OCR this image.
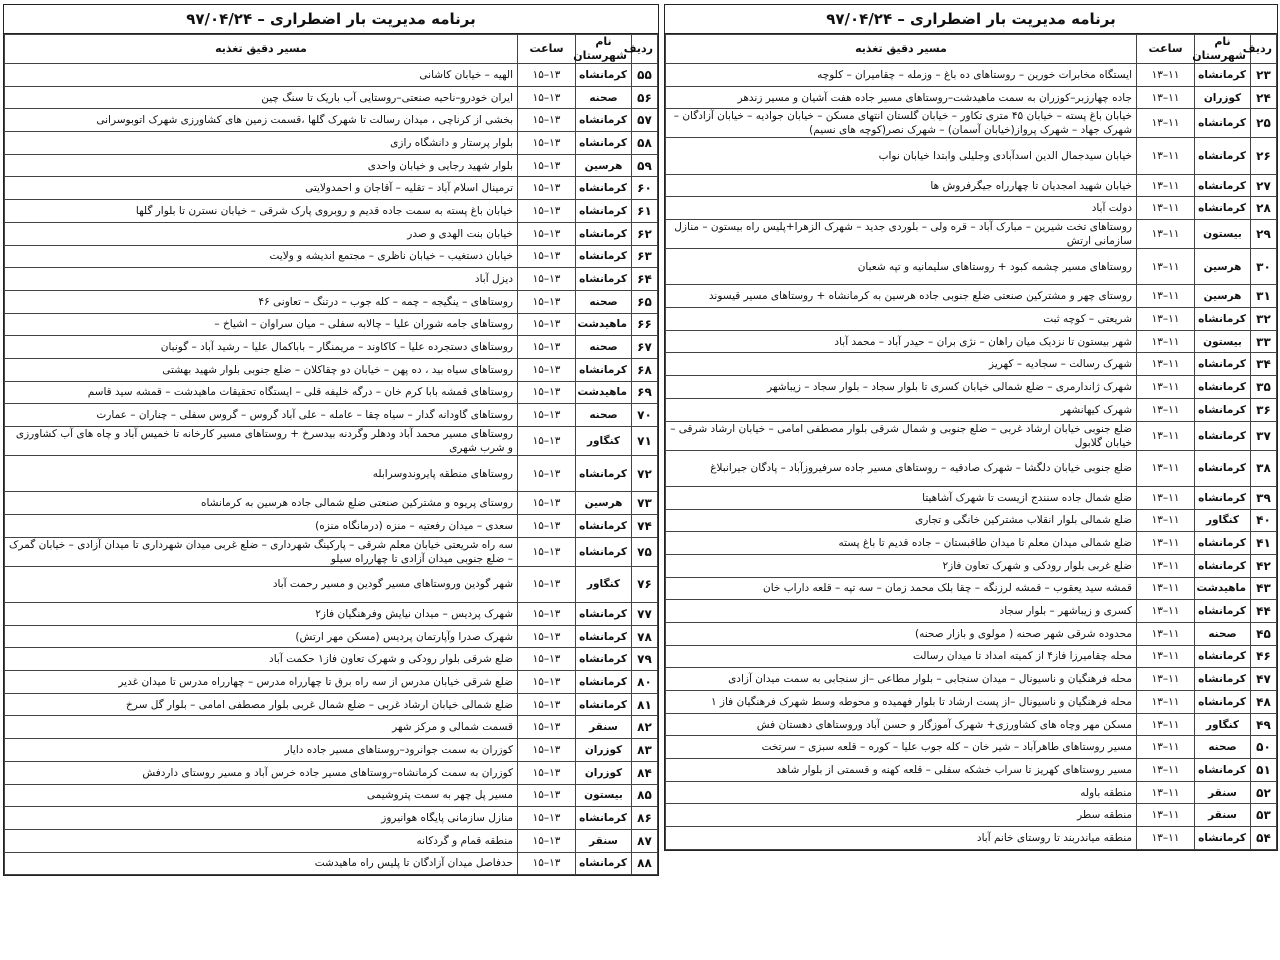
برنامه مدیریت بار اضطراری – ۹۷/۰۴/۲۴
ردیف	نام شهرستان	ساعت	مسیر دقیق تغذیه
۵۵	کرمانشاه	۱۵–۱۳	الهیه – خیابان کاشانی
۵۶	صحنه	۱۵–۱۳	ایران خودرو–ناحیه صنعتی–روستایی آب باریک تا سنگ چین
۵۷	کرمانشاه	۱۵–۱۳	بخشی از کرناچی ، میدان رسالت تا شهرک گلها ،قسمت زمین های کشاورزی شهرک اتوبوسرانی
۵۸	کرمانشاه	۱۵–۱۳	بلوار پرستار و دانشگاه رازی
۵۹	هرسین	۱۵–۱۳	بلوار شهید رجایی و خیابان واحدی
۶۰	کرمانشاه	۱۵–۱۳	ترمینال اسلام آباد – تقلیه – آقاجان و احمدولایتی
۶۱	کرمانشاه	۱۵–۱۳	خیابان باغ پسته به سمت جاده قدیم و روبروی پارک شرقی – خیابان نسترن تا بلوار گلها
۶۲	کرمانشاه	۱۵–۱۳	خیابان بنت الهدی و صدر
۶۳	کرمانشاه	۱۵–۱۳	خیابان دستغیب – خیابان ناظری – مجتمع اندیشه و ولایت
۶۴	کرمانشاه	۱۵–۱۳	دیزل آباد
۶۵	صحنه	۱۵–۱۳	روستاهای – ینگیجه – چمه – کله جوب – درتنگ – تعاونی ۴۶
۶۶	ماهیدشت	۱۵–۱۳	روستاهای جامه شوران علیا – چالابه سفلی – میان سراوان – اشیاخ –
۶۷	صحنه	۱۵–۱۳	روستاهای دستجرده علیا – کاکاوند – مریمنگار – باباکمال علیا – رشید آباد – گونبان
۶۸	کرمانشاه	۱۵–۱۳	روستاهای سیاه بید ، ده پهن – خیابان دو چقاکلان – ضلع جنوبی بلوار شهید بهشتی
۶۹	ماهیدشت	۱۵–۱۳	روستاهای قمشه بابا کرم خان – درگه خلیفه قلی – ایستگاه تحقیقات ماهیدشت – قمشه سید قاسم
۷۰	صحنه	۱۵–۱۳	روستاهای گاودانه گدار – سیاه چقا – عامله – علی آباد گروس – گروس سفلی – چناران – عمارت
۷۱	کنگاور	۱۵–۱۳	روستاهای مسیر محمد آباد ودهلر وگردنه بیدسرخ + روستاهای مسیر کارخانه تا خمیس آباد و چاه های آب کشاورزی و شرب شهری
۷۲	کرمانشاه	۱۵–۱۳	روستاهای منطقه پایروندوسرابله
۷۳	هرسین	۱۵–۱۳	روستای پریوه و مشترکین صنعتی ضلع شمالی جاده هرسین به کرمانشاه
۷۴	کرمانشاه	۱۵–۱۳	سعدی – میدان رفعتیه – منزه (درمانگاه منزه)
۷۵	کرمانشاه	۱۵–۱۳	سه راه شریعتی خیابان معلم شرقی – پارکینگ شهرداری – ضلع غربی میدان شهرداری تا میدان آزادی – خیابان گمرک – ضلع جنوبی میدان آزادی تا چهارراه سیلو
۷۶	کنگاور	۱۵–۱۳	شهر گودین وروستاهای مسیر گودین و مسیر رحمت آباد
۷۷	کرمانشاه	۱۵–۱۳	شهرک پردیس – میدان نیایش وفرهنگیان فاز۲
۷۸	کرمانشاه	۱۵–۱۳	شهرک صدرا وآپارتمان پردیس (مسکن مهر ارتش)
۷۹	کرمانشاه	۱۵–۱۳	ضلع شرقی بلوار رودکی و شهرک تعاون فاز۱ حکمت آباد
۸۰	کرمانشاه	۱۵–۱۳	ضلع شرقی خیابان مدرس از سه راه برق تا چهارراه مدرس – چهارراه مدرس تا میدان غدیر
۸۱	کرمانشاه	۱۵–۱۳	ضلع شمالی خیابان ارشاد غربی – ضلع شمال غربی بلوار مصطفی امامی – بلوار گل سرخ
۸۲	سنقر	۱۵–۱۳	قسمت شمالی و مرکز شهر
۸۳	کوزران	۱۵–۱۳	کوزران به سمت جوانرود–روستاهای مسیر جاده دایار
۸۴	کوزران	۱۵–۱۳	کوزران به سمت کرمانشاه–روستاهای مسیر جاده خرس آباد و مسیر روستای داردفش
۸۵	بیستون	۱۵–۱۳	مسیر پل چهر به سمت پتروشیمی
۸۶	کرمانشاه	۱۵–۱۳	منازل سازمانی پایگاه هوانیروز
۸۷	سنقر	۱۵–۱۳	منطقه قمام و گردکانه
۸۸	کرمانشاه	۱۵–۱۳	حدفاصل میدان آزادگان تا پلیس راه ماهیدشت
برنامه مدیریت بار اضطراری – ۹۷/۰۴/۲۴
ردیف	نام شهرستان	ساعت	مسیر دقیق تغذیه
۲۳	کرمانشاه	۱۳–۱۱	ایستگاه مخابرات خورین – روستاهای ده باغ – وزمله – چقامیران – کلوچه
۲۴	کوزران	۱۳–۱۱	جاده چهارزبر–کوزران به سمت ماهیدشت–روستاهای مسیر جاده هفت آشیان و مسیر زندهر
۲۵	کرمانشاه	۱۳–۱۱	خیابان باغ پسته – خیابان ۴۵ متری تکاور – خیابان گلستان انتهای مسکن – خیابان جوادیه – خیابان آزادگان – شهرک جهاد – شهرک پرواز(خیابان آسمان) – شهرک نصر(کوچه های نسیم)
۲۶	کرمانشاه	۱۳–۱۱	خیابان سیدجمال الدین اسدآبادی وجلیلی وابتدا خیابان نواب
۲۷	کرمانشاه	۱۳–۱۱	خیابان شهید امجدیان تا چهارراه جیگرفروش ها
۲۸	کرمانشاه	۱۳–۱۱	دولت آباد
۲۹	بیستون	۱۳–۱۱	روستاهای تخت شیرین – مبارک آباد – قره ولی – بلوردی جدید – شهرک الزهرا+پلیس راه بیستون – منازل سازمانی ارتش
۳۰	هرسین	۱۳–۱۱	روستاهای مسیر چشمه کبود + روستاهای سلیمانیه و تپه شعبان
۳۱	هرسین	۱۳–۱۱	روستای چهر و مشترکین صنعتی ضلع جنوبی جاده هرسین به کرمانشاه + روستاهای مسیر قیسوند
۳۲	کرمانشاه	۱۳–۱۱	شریعتی – کوچه ثبت
۳۳	بیستون	۱۳–۱۱	شهر بیستون تا نزدیک میان راهان – نژی بران – حیدر آباد – محمد آباد
۳۴	کرمانشاه	۱۳–۱۱	شهرک رسالت – سجادیه – کهریز
۳۵	کرمانشاه	۱۳–۱۱	شهرک ژاندارمری – ضلع شمالی خیابان کسری تا بلوار سجاد – بلوار سجاد – زیباشهر
۳۶	کرمانشاه	۱۳–۱۱	شهرک کیهانشهر
۳۷	کرمانشاه	۱۳–۱۱	ضلع جنوبی خیابان ارشاد غربی – ضلع جنوبی و شمال شرقی بلوار مصطفی امامی – خیابان ارشاد شرقی – خیابان گلابول
۳۸	کرمانشاه	۱۳–۱۱	ضلع جنوبی خیابان دلگشا – شهرک صادقیه – روستاهای مسیر جاده سرفیروزآباد – پادگان جیرانبلاغ
۳۹	کرمانشاه	۱۳–۱۱	ضلع شمال جاده سنندج ازیست تا شهرک آشاهیتا
۴۰	کنگاور	۱۳–۱۱	ضلع شمالی بلوار انقلاب مشترکین خانگی و تجاری
۴۱	کرمانشاه	۱۳–۱۱	ضلع شمالی میدان معلم تا میدان طاقبستان – جاده قدیم تا باغ پسته
۴۲	کرمانشاه	۱۳–۱۱	ضلع غربی بلوار رودکی و شهرک تعاون فاز۲
۴۳	ماهیدشت	۱۳–۱۱	قمشه سید یعقوب – قمشه لرزنگه – چقا بلک محمد زمان – سه تپه – قلعه داراب خان
۴۴	کرمانشاه	۱۳–۱۱	کسری و زیباشهر – بلوار سجاد
۴۵	صحنه	۱۳–۱۱	محدوده شرقی شهر صحنه ( مولوی و بازار صحنه)
۴۶	کرمانشاه	۱۳–۱۱	محله چقامیرزا فاز۴ از کمیته امداد تا میدان رسالت
۴۷	کرمانشاه	۱۳–۱۱	محله فرهنگیان و ناسیونال – میدان سنجابی – بلوار مطاعی –از سنجابی به سمت میدان آزادی
۴۸	کرمانشاه	۱۳–۱۱	محله فرهنگیان و ناسیونال –از پست ارشاد تا بلوار فهمیده و محوطه وسط شهرک فرهنگیان فاز ۱
۴۹	کنگاور	۱۳–۱۱	مسکن مهر وچاه های کشاورزی+ شهرک آموزگار و حسن آباد وروستاهای دهستان فش
۵۰	صحنه	۱۳–۱۱	مسیر روستاهای طاهرآباد – شیر خان – کله جوب علیا – کوره – قلعه سبزی – سرتخت
۵۱	کرمانشاه	۱۳–۱۱	مسیر روستاهای کهریز تا سراب خشکه سفلی – قلعه کهنه و قسمتی از بلوار شاهد
۵۲	سنقر	۱۳–۱۱	منطقه باوله
۵۳	سنقر	۱۳–۱۱	منطقه سطر
۵۴	کرمانشاه	۱۳–۱۱	منطقه میاندربند تا روستای خانم آباد
